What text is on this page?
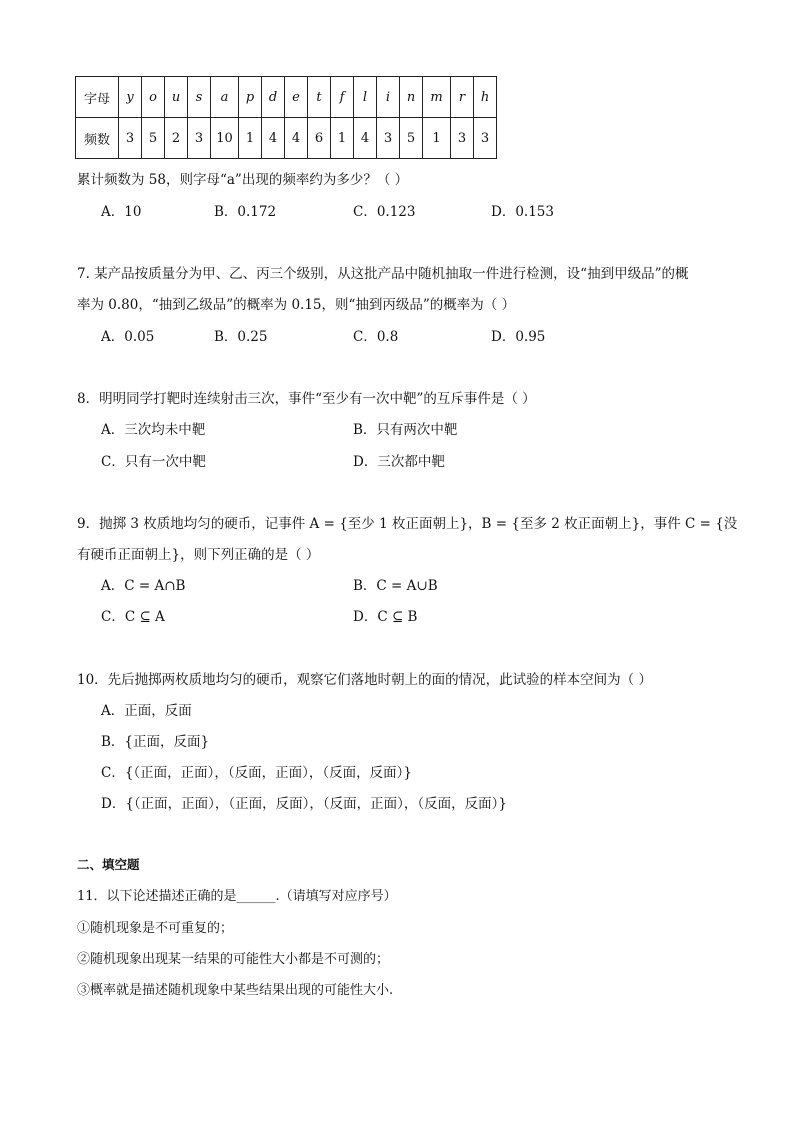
字母	y	o	u	s	a	p	d	e	t	f	l	i	n	m	r	h
频数	3	5	2	3	10	1	4	4	6	1	4	3	5	1	3	3
累计频数为 58，则字母“a”出现的频率约为多少？（ ）
A．10	B．0.172	C．0.123	D．0.153
7. 某产品按质量分为甲、乙、丙三个级别，从这批产品中随机抽取一件进行检测，设“抽到甲级品”的概
率为 0.80，“抽到乙级品”的概率为 0.15，则“抽到丙级品”的概率为（ ）
A．0.05	B．0.25	C．0.8	D．0.95
8．明明同学打靶时连续射击三次，事件“至少有一次中靶”的互斥事件是（ ）
A．三次均未中靶	B．只有两次中靶
C．只有一次中靶	D．三次都中靶
9．抛掷 3 枚质地均匀的硬币，记事件 A = {至少 1 枚正面朝上}，B = {至多 2 枚正面朝上}，事件 C = {没
有硬币正面朝上}，则下列正确的是（ ）
A．C = A∩B	B．C = A∪B
C．C ⊆ A	D．C ⊆ B
10．先后抛掷两枚质地均匀的硬币，观察它们落地时朝上的面的情况，此试验的样本空间为（ ）
A．正面，反面
B．{正面，反面}
C．{（正面，正面），（反面，正面），（反面，反面）}
D．{（正面，正面），（正面，反面），（反面，正面），（反面，反面）}
二、填空题
11．以下论述描述正确的是______.（请填写对应序号）
①随机现象是不可重复的；
②随机现象出现某一结果的可能性大小都是不可测的；
③概率就是描述随机现象中某些结果出现的可能性大小.
